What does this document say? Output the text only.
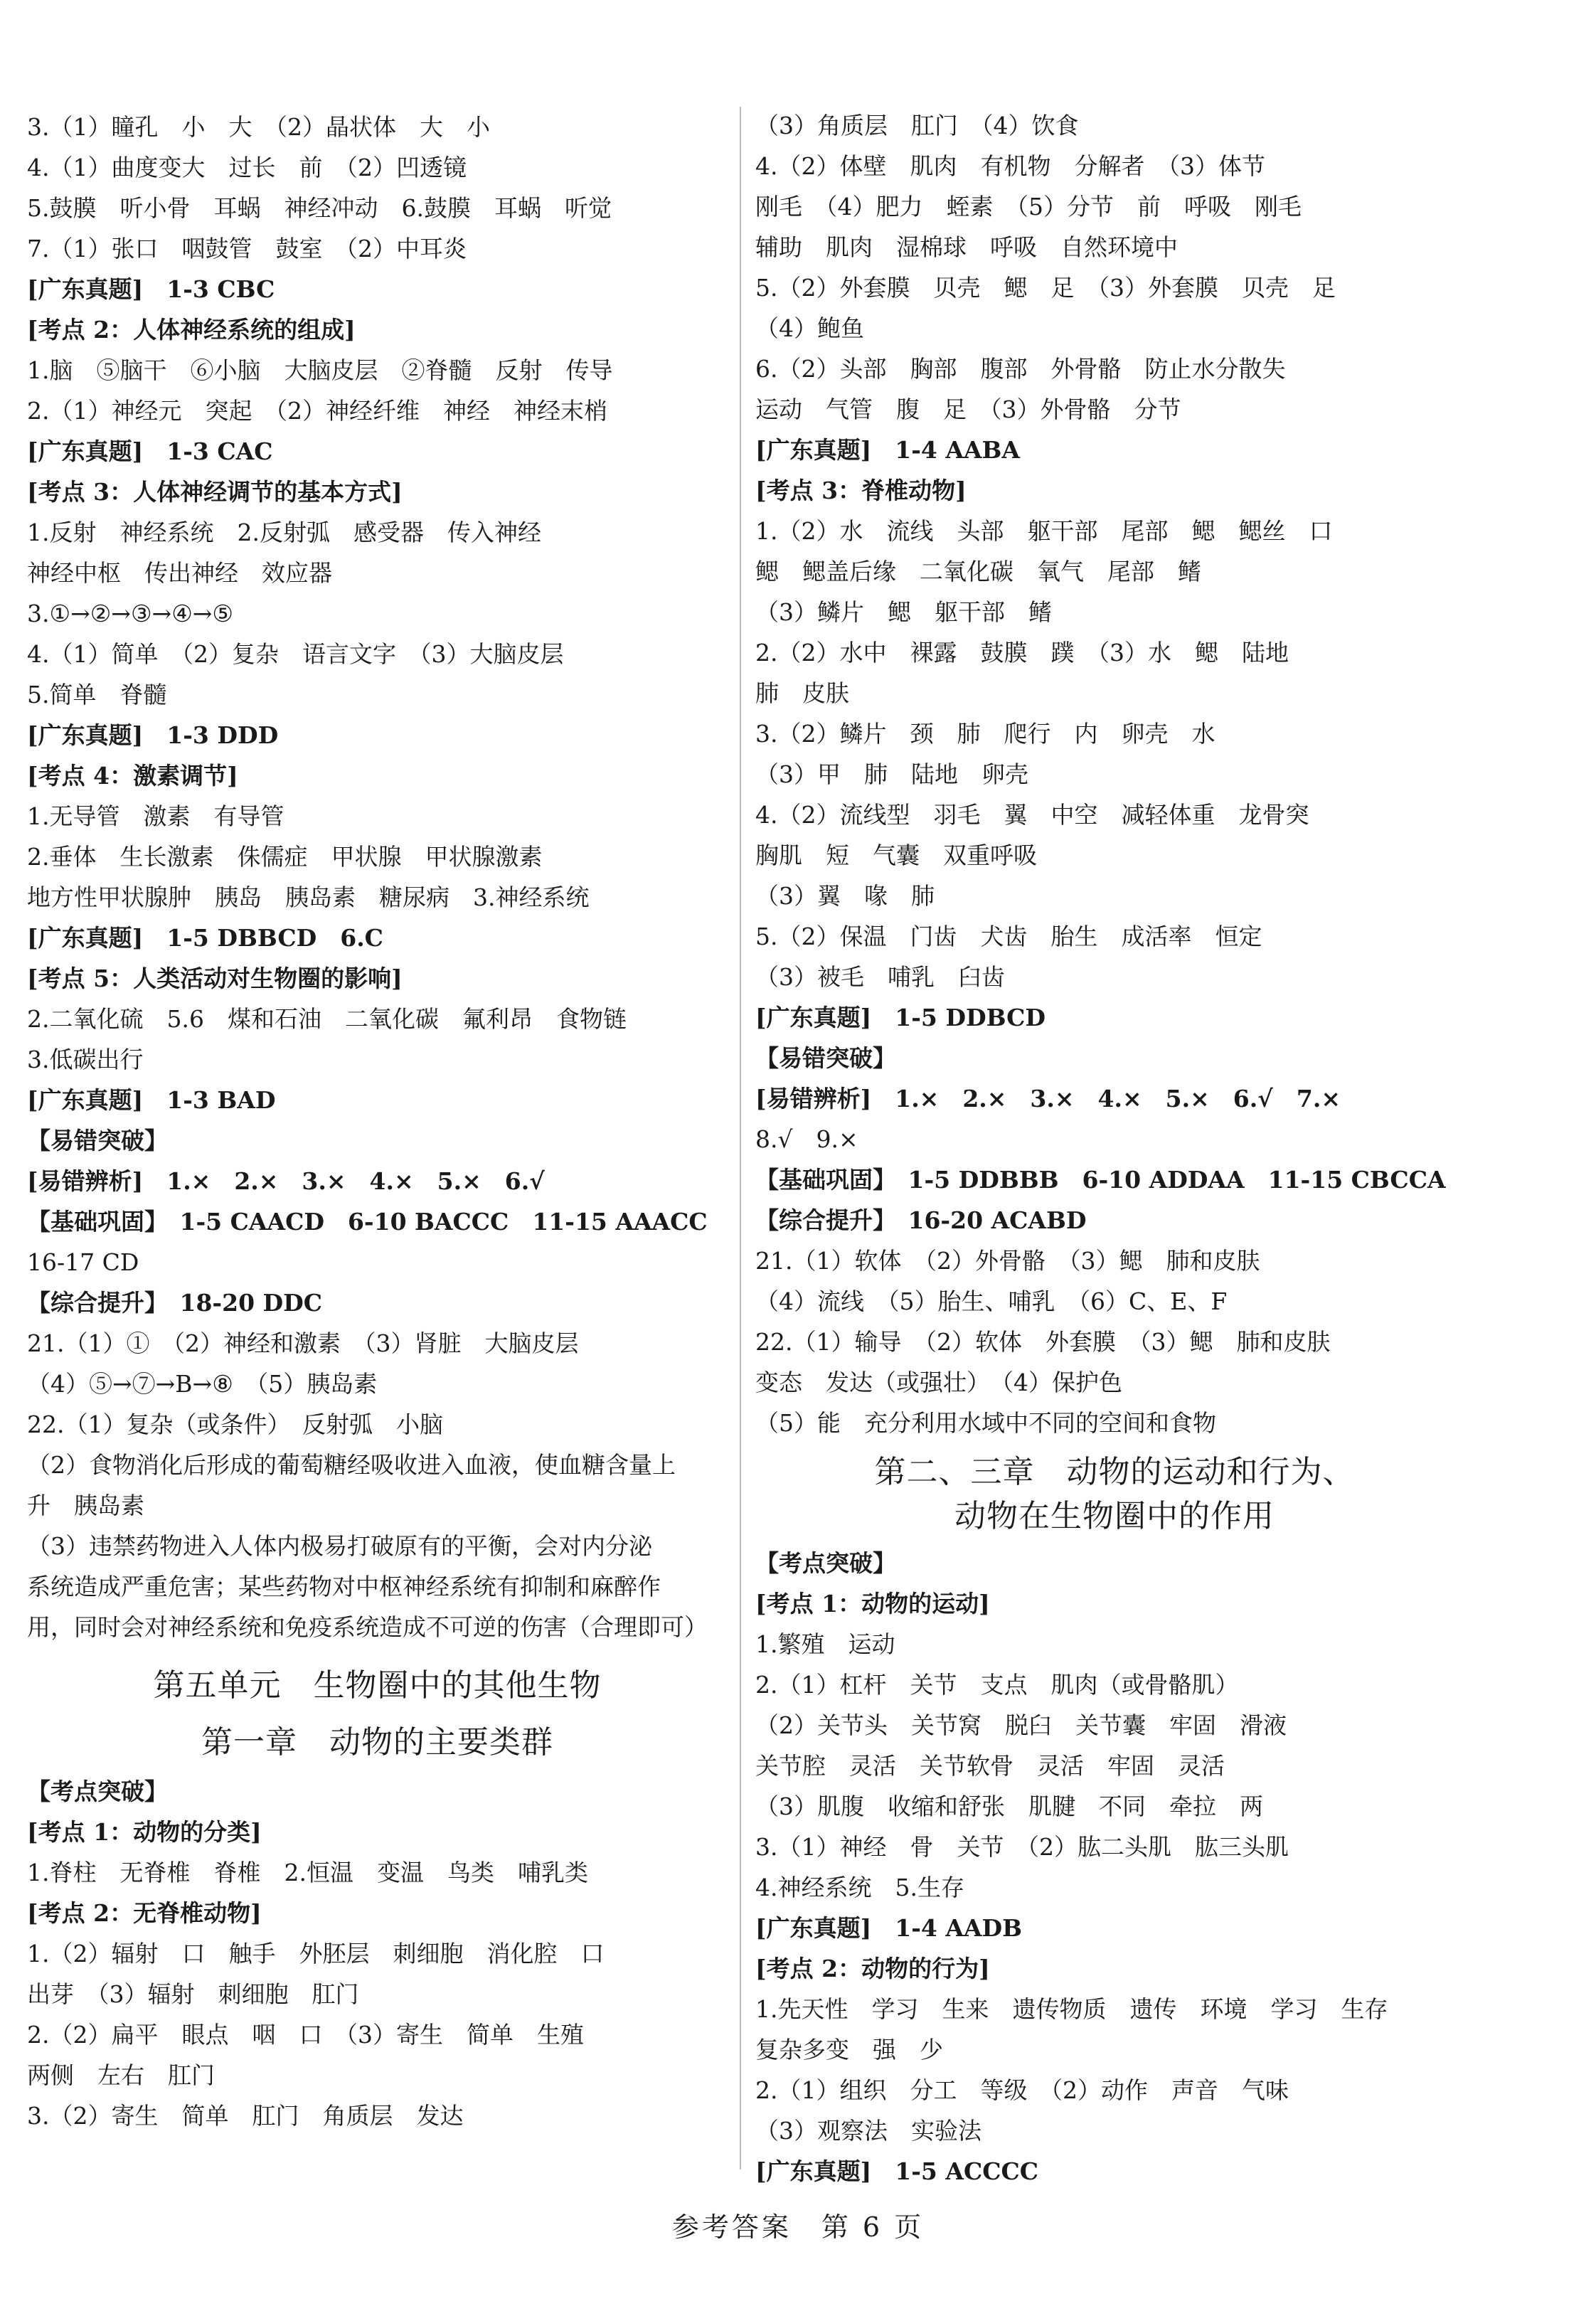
3.（1）瞳孔　小　大　（2）晶状体　大　小
4.（1）曲度变大　过长　前　（2）凹透镜
5.鼓膜　听小骨　耳蜗　神经冲动　6.鼓膜　耳蜗　听觉
7.（1）张口　咽鼓管　鼓室　（2）中耳炎
[广东真题]　1-3 CBC
[考点 2：人体神经系统的组成]
1.脑　⑤脑干　⑥小脑　大脑皮层　②脊髓　反射　传导
2.（1）神经元　突起　（2）神经纤维　神经　神经末梢
[广东真题]　1-3 CAC
[考点 3：人体神经调节的基本方式]
1.反射　神经系统　2.反射弧　感受器　传入神经
神经中枢　传出神经　效应器
3.①→②→③→④→⑤
4.（1）简单　（2）复杂　语言文字　（3）大脑皮层
5.简单　脊髓
[广东真题]　1-3 DDD
[考点 4：激素调节]
1.无导管　激素　有导管
2.垂体　生长激素　侏儒症　甲状腺　甲状腺激素
地方性甲状腺肿　胰岛　胰岛素　糖尿病　3.神经系统
[广东真题]　1-5 DBBCD　6.C
[考点 5：人类活动对生物圈的影响]
2.二氧化硫　5.6　煤和石油　二氧化碳　氟利昂　食物链
3.低碳出行
[广东真题]　1-3 BAD
【易错突破】
[易错辨析]　1.×　2.×　3.×　4.×　5.×　6.√
【基础巩固】　1-5 CAACD　6-10 BACCC　11-15 AAACC
16-17 CD
【综合提升】　18-20 DDC
21.（1）①　（2）神经和激素　（3）肾脏　大脑皮层
（4）⑤→⑦→B→⑧　（5）胰岛素
22.（1）复杂（或条件）　反射弧　小脑
（2）食物消化后形成的葡萄糖经吸收进入血液，使血糖含量上
升　胰岛素
（3）违禁药物进入人体内极易打破原有的平衡，会对内分泌
系统造成严重危害；某些药物对中枢神经系统有抑制和麻醉作
用，同时会对神经系统和免疫系统造成不可逆的伤害（合理即可）
第五单元　生物圈中的其他生物
第一章　动物的主要类群
【考点突破】
[考点 1：动物的分类]
1.脊柱　无脊椎　脊椎　2.恒温　变温　鸟类　哺乳类
[考点 2：无脊椎动物]
1.（2）辐射　口　触手　外胚层　刺细胞　消化腔　口
出芽　（3）辐射　刺细胞　肛门
2.（2）扁平　眼点　咽　口　（3）寄生　简单　生殖
两侧　左右　肛门
3.（2）寄生　简单　肛门　角质层　发达
（3）角质层　肛门　（4）饮食
4.（2）体壁　肌肉　有机物　分解者　（3）体节
刚毛　（4）肥力　蛭素　（5）分节　前　呼吸　刚毛
辅助　肌肉　湿棉球　呼吸　自然环境中
5.（2）外套膜　贝壳　鳃　足　（3）外套膜　贝壳　足
（4）鲍鱼
6.（2）头部　胸部　腹部　外骨骼　防止水分散失
运动　气管　腹　足　（3）外骨骼　分节
[广东真题]　1-4 AABA
[考点 3：脊椎动物]
1.（2）水　流线　头部　躯干部　尾部　鳃　鳃丝　口
鳃　鳃盖后缘　二氧化碳　氧气　尾部　鳍
（3）鳞片　鳃　躯干部　鳍
2.（2）水中　裸露　鼓膜　蹼　（3）水　鳃　陆地
肺　皮肤
3.（2）鳞片　颈　肺　爬行　内　卵壳　水
（3）甲　肺　陆地　卵壳
4.（2）流线型　羽毛　翼　中空　减轻体重　龙骨突
胸肌　短　气囊　双重呼吸
（3）翼　喙　肺
5.（2）保温　门齿　犬齿　胎生　成活率　恒定
（3）被毛　哺乳　臼齿
[广东真题]　1-5 DDBCD
【易错突破】
[易错辨析]　1.×　2.×　3.×　4.×　5.×　6.√　7.×
8.√　9.×
【基础巩固】　1-5 DDBBB　6-10 ADDAA　11-15 CBCCA
【综合提升】　16-20 ACABD
21.（1）软体　（2）外骨骼　（3）鳃　肺和皮肤
（4）流线　（5）胎生、哺乳　（6）C、E、F
22.（1）输导　（2）软体　外套膜　（3）鳃　肺和皮肤
变态　发达（或强壮）　（4）保护色
（5）能　充分利用水域中不同的空间和食物
第二、三章　动物的运动和行为、
动物在生物圈中的作用
【考点突破】
[考点 1：动物的运动]
1.繁殖　运动
2.（1）杠杆　关节　支点　肌肉（或骨骼肌）
（2）关节头　关节窝　脱臼　关节囊　牢固　滑液
关节腔　灵活　关节软骨　灵活　牢固　灵活
（3）肌腹　收缩和舒张　肌腱　不同　牵拉　两
3.（1）神经　骨　关节　（2）肱二头肌　肱三头肌
4.神经系统　5.生存
[广东真题]　1-4 AADB
[考点 2：动物的行为]
1.先天性　学习　生来　遗传物质　遗传　环境　学习　生存
复杂多变　强　少
2.（1）组织　分工　等级　（2）动作　声音　气味
（3）观察法　实验法
[广东真题]　1-5 ACCCC
参考答案　第 6 页
